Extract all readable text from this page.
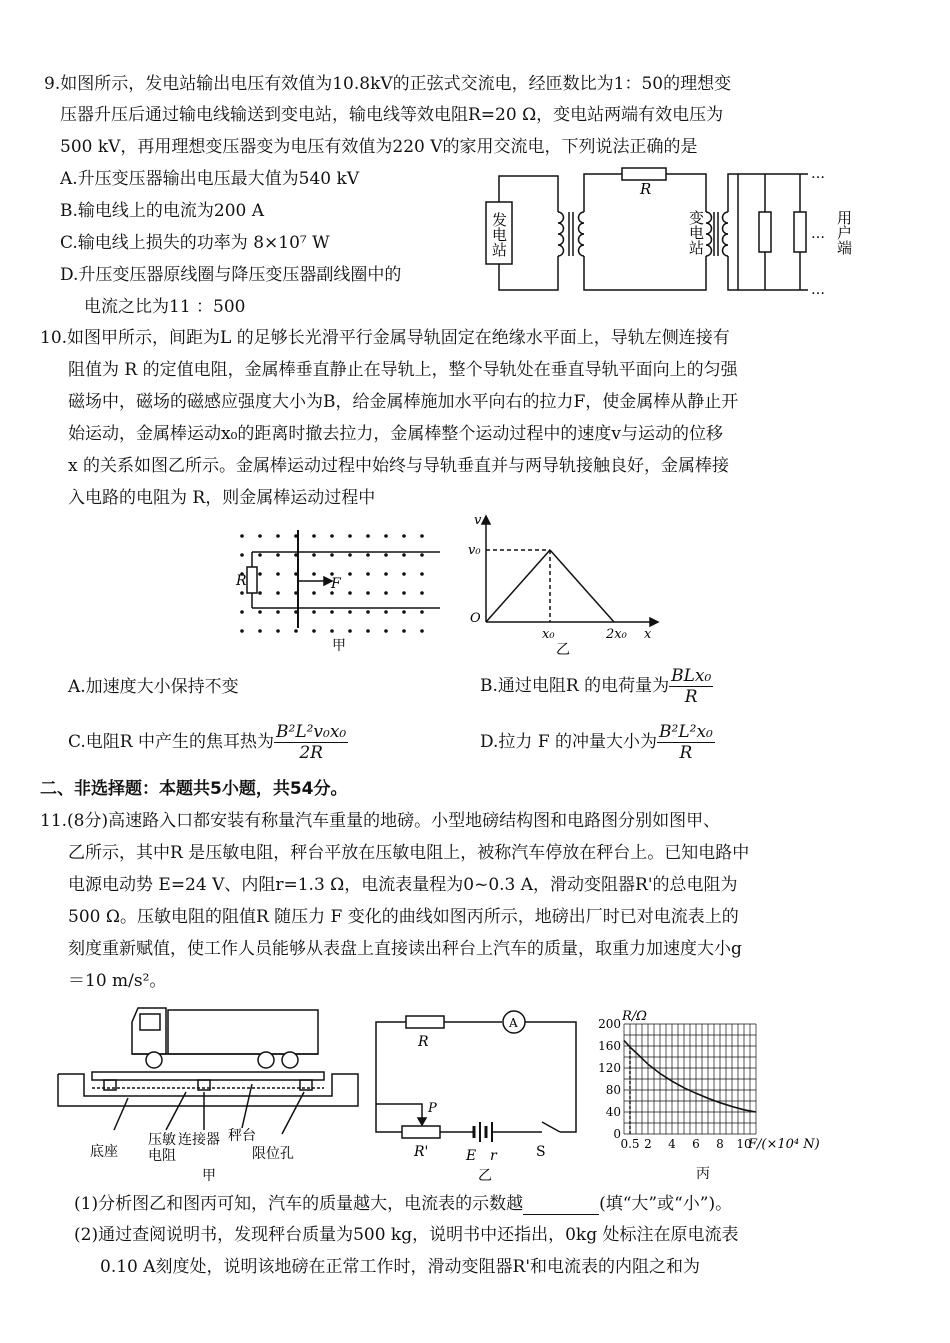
9.如图所示，发电站输出电压有效值为10.8kV的正弦式交流电，经匝数比为1：50的理想变
压器升压后通过输电线输送到变电站，输电线等效电阻R=20 Ω，变电站两端有效电压为
500 kV，再用理想变压器变为电压有效值为220 V的家用交流电，下列说法正确的是
A.升压变压器输出电压最大值为540 kV
B.输电线上的电流为200 A
C.输电线上损失的功率为 8×10⁷ W
D.升压变压器原线圈与降压变压器副线圈中的
电流之比为11 ：500
发电站	变电站	用户端
R
…
…
…
10.如图甲所示，间距为L 的足够长光滑平行金属导轨固定在绝缘水平面上，导轨左侧连接有
阻值为 R 的定值电阻，金属棒垂直静止在导轨上，整个导轨处在垂直导轨平面向上的匀强
磁场中，磁场的磁感应强度大小为B，给金属棒施加水平向右的拉力F，使金属棒从静止开
始运动，金属棒运动x₀的距离时撤去拉力，金属棒整个运动过程中的速度v与运动的位移
x 的关系如图乙所示。金属棒运动过程中始终与导轨垂直并与两导轨接触良好，金属棒接
入电路的电阻为 R，则金属棒运动过程中
R	F
甲
v
v₀
O
x₀	2x₀ x
乙
A.加速度大小保持不变	B.通过电阻R 的电荷量为 $\frac{\text{BLx₀}}{R}$
C.电阻R 中产生的焦耳热为 $\frac{\text{B²L²v₀x₀}}{2R}$	D.拉力 F 的冲量大小为 $\frac{\text{B²L²x₀}}{R}$
二、非选择题：本题共5小题，共54分。
11.(8分)高速路入口都安装有称量汽车重量的地磅。小型地磅结构图和电路图分别如图甲、
乙所示，其中R 是压敏电阻，秤台平放在压敏电阻上，被称汽车停放在秤台上。已知电路中
电源电动势 E=24 V、内阻r=1.3 Ω，电流表量程为0~0.3 A，滑动变阻器R'的总电阻为
500 Ω。压敏电阻的阻值R 随压力 F 变化的曲线如图丙所示，地磅出厂时已对电流表上的
刻度重新赋值，使工作人员能够从表盘上直接读出秤台上汽车的质量，取重力加速度大小g
＝10 m/s²。
底座
压敏
电阻
连接器 秤台
限位孔
甲
R
A
P
R'	E r	S
乙
200
160
120
80
40
0
0.5 2 4 6 8 10
R/Ω
F/(×10⁴ N)
丙
(1)分析图乙和图丙可知，汽车的质量越大，电流表的示数越	(填“大”或“小”)。
(2)通过查阅说明书，发现秤台质量为500 kg，说明书中还指出，0kg 处标注在原电流表
0.10 A刻度处，说明该地磅在正常工作时，滑动变阻器R'和电流表的内阻之和为
